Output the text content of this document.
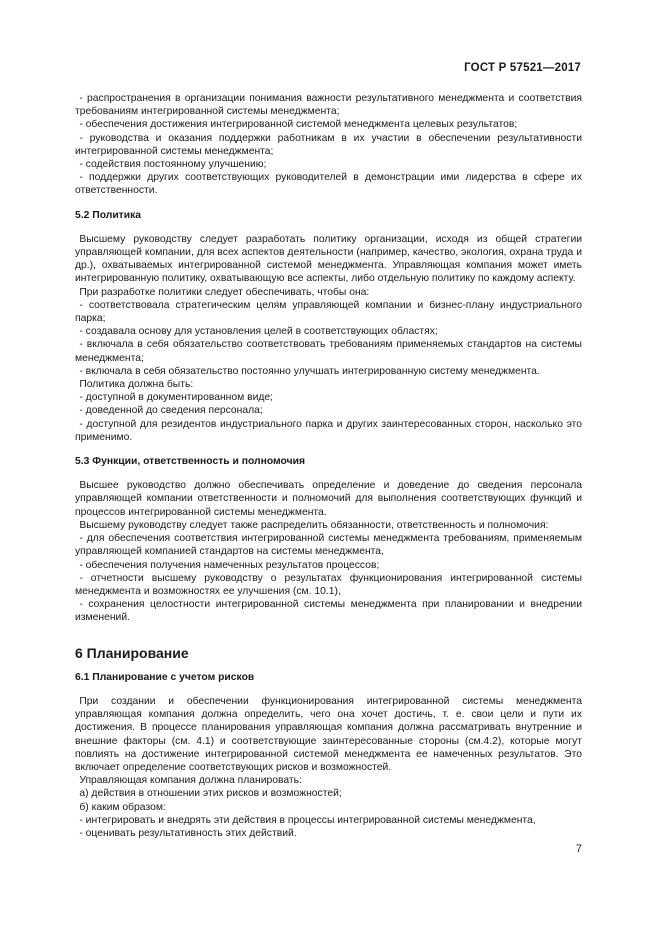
ГОСТ Р 57521—2017

- распространения в организации понимания важности результативного менеджмента и соответствия требованиям интегрированной системы менеджмента;

- обеспечения достижения интегрированной системой менеджмента целевых результатов;

- руководства и оказания поддержки работникам в их участии в обеспечении результативности интегрированной системы менеджмента;

- содействия постоянному улучшению;

- поддержки других соответствующих руководителей в демонстрации ими лидерства в сфере их ответственности.

5.2 Политика

Высшему руководству следует разработать политику организации, исходя из общей стратегии управляющей компании, для всех аспектов деятельности (например, качество, экология, охрана труда и др.), охватываемых интегрированной системой менеджмента. Управляющая компания может иметь интегрированную политику, охватывающую все аспекты, либо отдельную политику по каждому аспекту.

При разработке политики следует обеспечивать, чтобы она:

- соответствовала стратегическим целям управляющей компании и бизнес-плану индустриального парка;

- создавала основу для установления целей в соответствующих областях;

- включала в себя обязательство соответствовать требованиям применяемых стандартов на системы менеджмента;

- включала в себя обязательство постоянно улучшать интегрированную систему менеджмента.

Политика должна быть:

- доступной в документированном виде;

- доведенной до сведения персонала;

- доступной для резидентов индустриального парка и других заинтересованных сторон, насколько это применимо.

5.3 Функции, ответственность и полномочия

Высшее руководство должно обеспечивать определение и доведение до сведения персонала управляющей компании ответственности и полномочий для выполнения соответствующих функций и процессов интегрированной системы менеджмента.

Высшему руководству следует также распределить обязанности, ответственность и полномочия:

- для обеспечения соответствия интегрированной системы менеджмента требованиям, применяемым управляющей компанией стандартов на системы менеджмента,

- обеспечения получения намеченных результатов процессов;

- отчетности высшему руководству о результатах функционирования интегрированной системы менеджмента и возможностях ее улучшения (см. 10.1),

- сохранения целостности интегрированной системы менеджмента при планировании и внедрении изменений.

6 Планирование

6.1 Планирование с учетом рисков

При создании и обеспечении функционирования интегрированной системы менеджмента управляющая компания должна определить, чего она хочет достичь, т. е. свои цели и пути их достижения. В процессе планирования управляющая компания должна рассматривать внутренние и внешние факторы (см. 4.1) и соответствующие заинтересованные стороны (см.4.2), которые могут повлиять на достижение интегрированной системой менеджмента ее намеченных результатов. Это включает определение соответствующих рисков и возможностей.

Управляющая компания должна планировать:

а) действия в отношении этих рисков и возможностей;

б) каким образом:

- интегрировать и внедрять эти действия в процессы интегрированной системы менеджмента,

- оценивать результативность этих действий.

7
